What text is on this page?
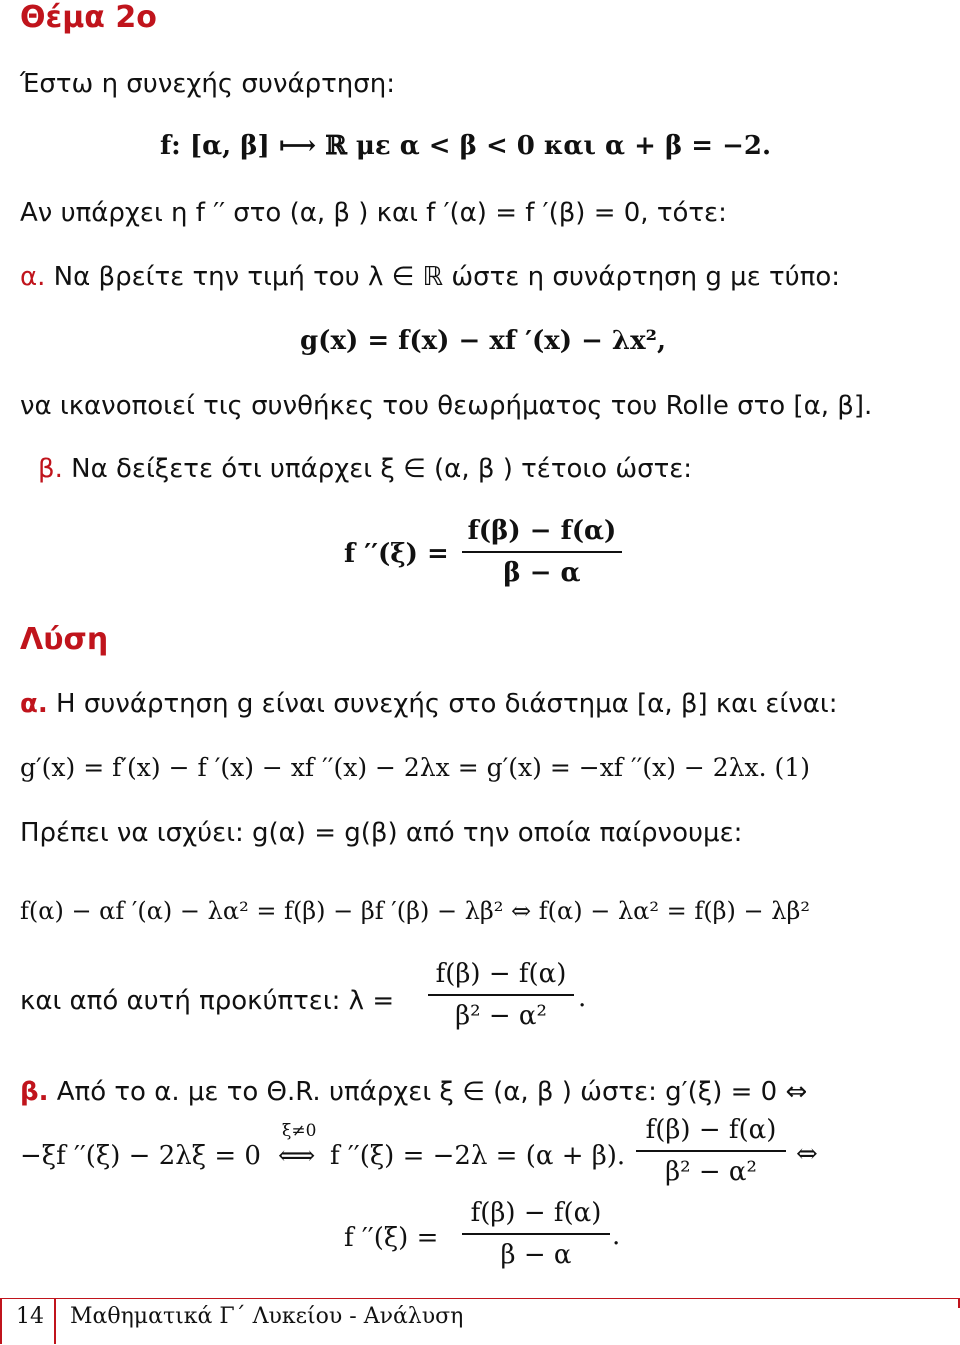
Θέμα 2ο
Έστω η συνεχής συνάρτηση:
f: [α, β] ⟼ ℝ με α < β < 0 και α + β = −2.
Αν υπάρχει η f ′′ στο (α, β ) και f ′(α) = f ′(β) = 0, τότε:
α. Να βρείτε την τιμή του λ ∈ ℝ ώστε η συνάρτηση g με τύπο:
g(x) = f(x) − xf ′(x) − λx²,
να ικανοποιεί τις συνθήκες του θεωρήματος του Rolle στο [α, β].
β. Να δείξετε ότι υπάρχει ξ ∈ (α, β ) τέτοιο ώστε:
f ′′(ξ) =
f(β) − f(α)
β − α
Λύση
α. Η συνάρτηση g είναι συνεχής στο διάστημα [α, β] και είναι:
g′(x) = f′(x) − f ′(x) − xf ′′(x) − 2λx = g′(x) = −xf ′′(x) − 2λx. (1)
Πρέπει να ισχύει: g(α) = g(β) από την οποία παίρνουμε:
f(α) − αf ′(α) − λα² = f(β) − βf ′(β) − λβ² ⇔ f(α) − λα² = f(β) − λβ²
και από αυτή προκύπτει: λ =
f(β) − f(α)
β² − α²
.
β. Από το α. με το Θ.R. υπάρχει ξ ∈ (α, β ) ώστε: g′(ξ) = 0 ⇔
−ξf ′′(ξ) − 2λξ = 0
ξ≠0
⟺ f ′′(ξ) = −2λ = (α + β).
f(β) − f(α)
β² − α²
⇔
f ′′(ξ) =
f(β) − f(α)
β − α
.
14 Μαθηματικά Γ΄ Λυκείου - Ανάλυση
